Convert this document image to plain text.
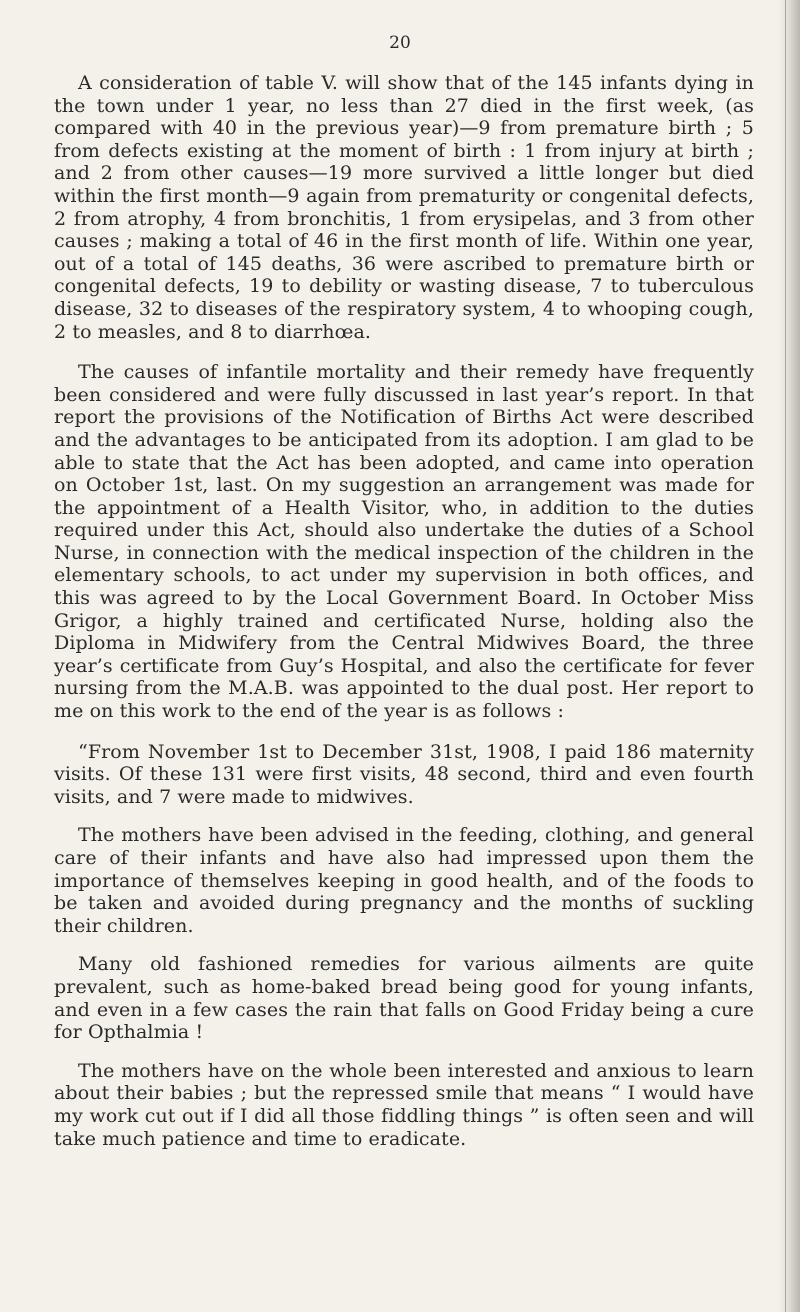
20

A consideration of table V. will show that of the 145 infants dying in the town under 1 year, no less than 27 died in the first week, (as compared with 40 in the previous year)—9 from premature birth ; 5 from defects existing at the moment of birth : 1 from injury at birth ; and 2 from other causes—19 more survived a little longer but died within the first month—9 again from prematurity or congenital defects, 2 from atrophy, 4 from bronchitis, 1 from erysipelas, and 3 from other causes ; making a total of 46 in the first month of life. Within one year, out of a total of 145 deaths, 36 were ascribed to premature birth or congenital defects, 19 to debility or wasting disease, 7 to tuberculous disease, 32 to diseases of the respiratory system, 4 to whooping cough, 2 to measles, and 8 to diarrhœa.

The causes of infantile mortality and their remedy have frequently been considered and were fully discussed in last year’s report. In that report the provisions of the Notification of Births Act were described and the advantages to be anticipated from its adoption. I am glad to be able to state that the Act has been adopted, and came into operation on October 1st, last. On my suggestion an arrangement was made for the appointment of a Health Visitor, who, in addition to the duties required under this Act, should also undertake the duties of a School Nurse, in connection with the medical inspection of the children in the elementary schools, to act under my supervision in both offices, and this was agreed to by the Local Government Board. In October Miss Grigor, a highly trained and certificated Nurse, holding also the Diploma in Midwifery from the Central Midwives Board, the three year’s certificate from Guy’s Hospital, and also the certificate for fever nursing from the M.A.B. was appointed to the dual post. Her report to me on this work to the end of the year is as follows :

“From November 1st to December 31st, 1908, I paid 186 maternity visits. Of these 131 were first visits, 48 second, third and even fourth visits, and 7 were made to midwives.

The mothers have been advised in the feeding, clothing, and general care of their infants and have also had impressed upon them the importance of themselves keeping in good health, and of the foods to be taken and avoided during pregnancy and the months of suckling their children.

Many old fashioned remedies for various ailments are quite prevalent, such as home-baked bread being good for young infants, and even in a few cases the rain that falls on Good Friday being a cure for Opthalmia !

The mothers have on the whole been interested and anxious to learn about their babies ; but the repressed smile that means “ I would have my work cut out if I did all those fiddling things ” is often seen and will take much patience and time to eradicate.
